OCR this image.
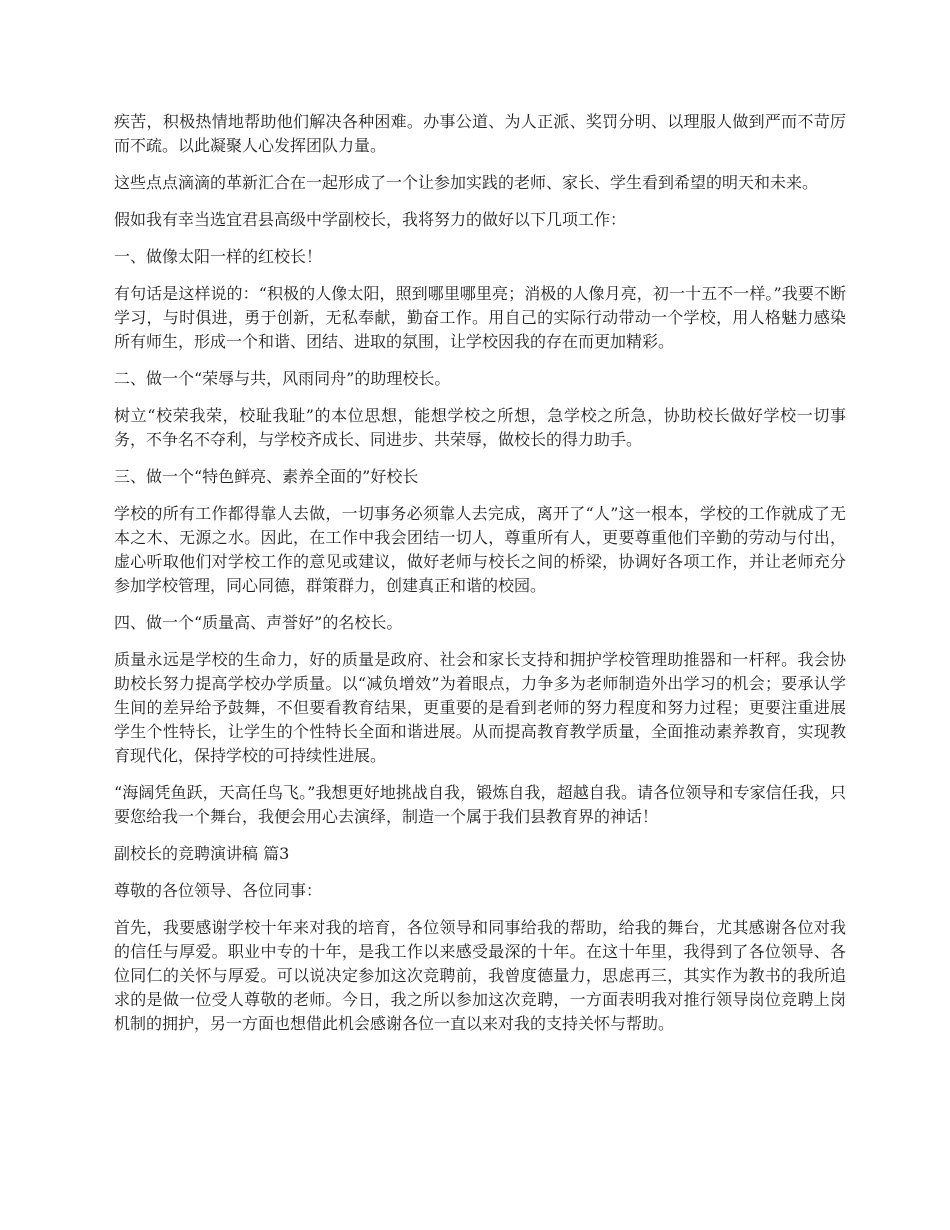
疾苦，积极热情地帮助他们解决各种困难。办事公道、为人正派、奖罚分明、以理服人做到严而不苛厉而不疏。以此凝聚人心发挥团队力量。

这些点点滴滴的革新汇合在一起形成了一个让参加实践的老师、家长、学生看到希望的明天和未来。

假如我有幸当选宜君县高级中学副校长，我将努力的做好以下几项工作：

一、做像太阳一样的红校长！

有句话是这样说的：“积极的人像太阳，照到哪里哪里亮；消极的人像月亮，初一十五不一样。”我要不断学习，与时俱进，勇于创新，无私奉献，勤奋工作。用自己的实际行动带动一个学校，用人格魅力感染所有师生，形成一个和谐、团结、进取的氛围，让学校因我的存在而更加精彩。

二、做一个“荣辱与共，风雨同舟”的助理校长。

树立“校荣我荣，校耻我耻”的本位思想，能想学校之所想，急学校之所急，协助校长做好学校一切事务，不争名不夺利，与学校齐成长、同进步、共荣辱，做校长的得力助手。

三、做一个“特色鲜亮、素养全面的”好校长

学校的所有工作都得靠人去做，一切事务必须靠人去完成，离开了“人”这一根本，学校的工作就成了无本之木、无源之水。因此，在工作中我会团结一切人，尊重所有人，更要尊重他们辛勤的劳动与付出，虚心听取他们对学校工作的意见或建议，做好老师与校长之间的桥梁，协调好各项工作，并让老师充分参加学校管理，同心同德，群策群力，创建真正和谐的校园。

四、做一个“质量高、声誉好”的名校长。

质量永远是学校的生命力，好的质量是政府、社会和家长支持和拥护学校管理助推器和一杆秤。我会协助校长努力提高学校办学质量。以“减负增效”为着眼点，力争多为老师制造外出学习的机会；要承认学生间的差异给予鼓舞，不但要看教育结果，更重要的是看到老师的努力程度和努力过程；更要注重进展学生个性特长，让学生的个性特长全面和谐进展。从而提高教育教学质量，全面推动素养教育，实现教育现代化，保持学校的可持续性进展。

“海阔凭鱼跃，天高任鸟飞。”我想更好地挑战自我，锻炼自我，超越自我。请各位领导和专家信任我，只要您给我一个舞台，我便会用心去演绎，制造一个属于我们县教育界的神话！

副校长的竞聘演讲稿 篇3

尊敬的各位领导、各位同事：

首先，我要感谢学校十年来对我的培育，各位领导和同事给我的帮助，给我的舞台，尤其感谢各位对我的信任与厚爱。职业中专的十年，是我工作以来感受最深的十年。在这十年里，我得到了各位领导、各位同仁的关怀与厚爱。可以说决定参加这次竞聘前，我曾度德量力，思虑再三，其实作为教书的我所追求的是做一位受人尊敬的老师。今日，我之所以参加这次竞聘，一方面表明我对推行领导岗位竞聘上岗机制的拥护，另一方面也想借此机会感谢各位一直以来对我的支持关怀与帮助。
